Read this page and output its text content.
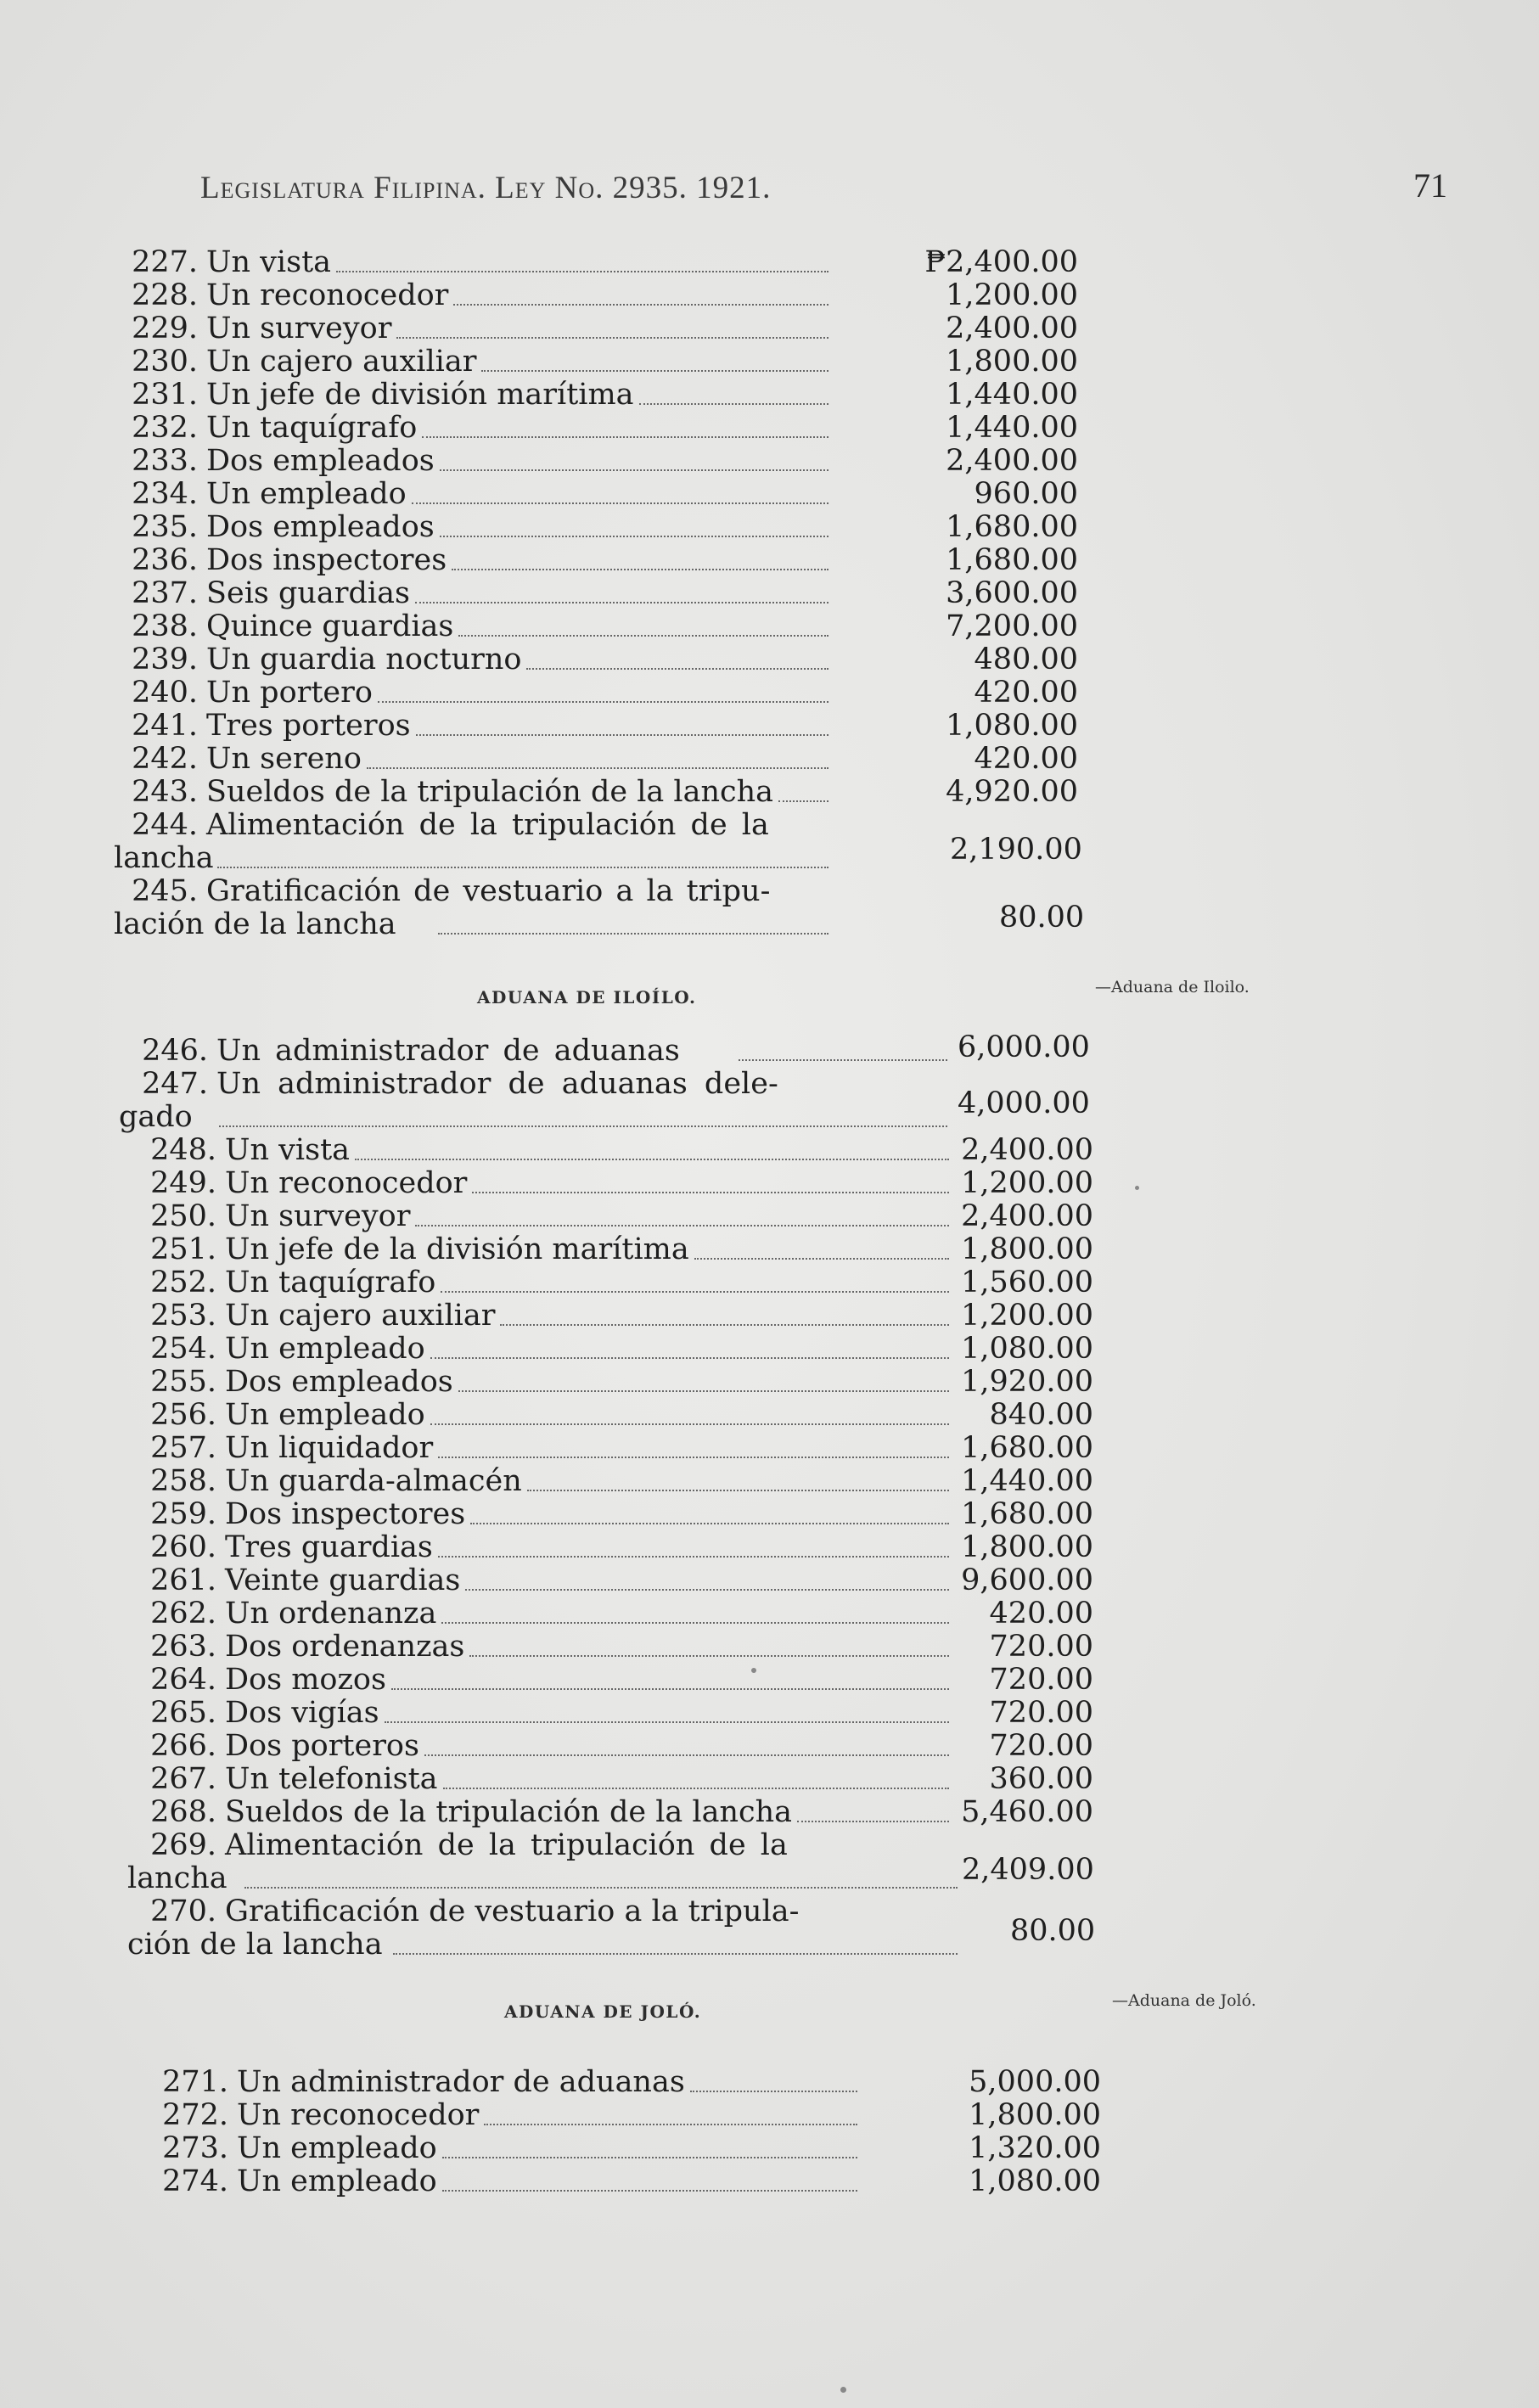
Legislatura Filipina. Ley No. 2935. 1921.	71
227. Un vista	₱2,400.00
228. Un reconocedor	1,200.00
229. Un surveyor	2,400.00
230. Un cajero auxiliar	1,800.00
231. Un jefe de división marítima	1,440.00
232. Un taquígrafo	1,440.00
233. Dos empleados	2,400.00
234. Un empleado	960.00
235. Dos empleados	1,680.00
236. Dos inspectores	1,680.00
237. Seis guardias	3,600.00
238. Quince guardias	7,200.00
239. Un guardia nocturno	480.00
240. Un portero	420.00
241. Tres porteros	1,080.00
242. Un sereno	420.00
243. Sueldos de la tripulación de la lancha	4,920.00
244. Alimentación de la tripulación de la
lancha	2,190.00
245. Gratificación de vestuario a la tripu-
lación de la lancha	80.00
ADUANA DE ILOÍLO.	—Aduana de Iloilo.
246. Un administrador de aduanas	6,000.00
247. Un administrador de aduanas dele-
gado	4,000.00
248. Un vista	2,400.00
249. Un reconocedor	1,200.00
250. Un surveyor	2,400.00
251. Un jefe de la división marítima	1,800.00
252. Un taquígrafo	1,560.00
253. Un cajero auxiliar	1,200.00
254. Un empleado	1,080.00
255. Dos empleados	1,920.00
256. Un empleado	840.00
257. Un liquidador	1,680.00
258. Un guarda-almacén	1,440.00
259. Dos inspectores	1,680.00
260. Tres guardias	1,800.00
261. Veinte guardias	9,600.00
262. Un ordenanza	420.00
263. Dos ordenanzas	720.00
264. Dos mozos	720.00
265. Dos vigías	720.00
266. Dos porteros	720.00
267. Un telefonista	360.00
268. Sueldos de la tripulación de la lancha	5,460.00
269. Alimentación de la tripulación de la
lancha	2,409.00
270. Gratificación de vestuario a la tripula-
ción de la lancha	80.00
ADUANA DE JOLÓ.
—Aduana de Joló.
271. Un administrador de aduanas	5,000.00
272. Un reconocedor	1,800.00
273. Un empleado	1,320.00
274. Un empleado	1,080.00
